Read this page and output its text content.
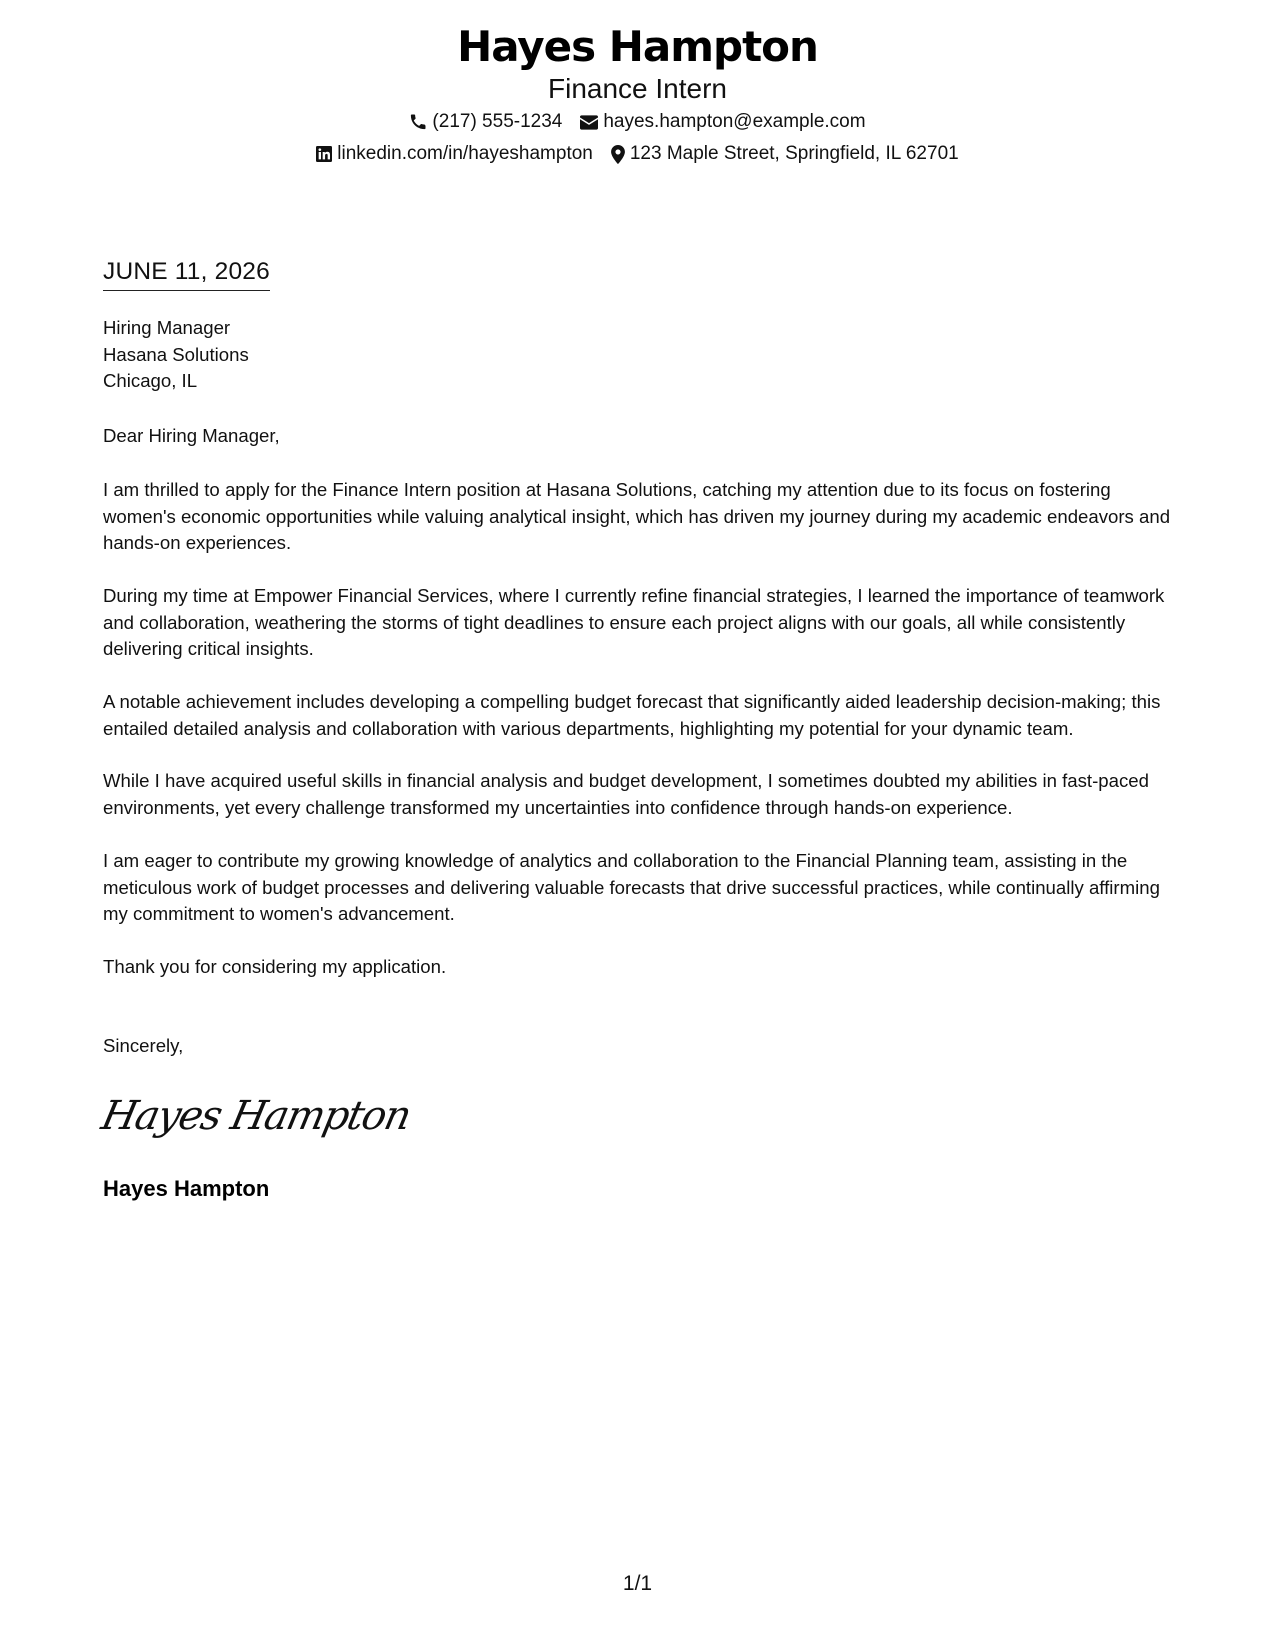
Hayes Hampton
Finance Intern
(217) 555-1234 hayes.hampton@example.com
linkedin.com/in/hayeshampton 123 Maple Street, Springfield, IL 62701
JUNE 11, 2026
Hiring Manager
Hasana Solutions
Chicago, IL
Dear Hiring Manager,
I am thrilled to apply for the Finance Intern position at Hasana Solutions, catching my attention due to its focus on fostering women's economic opportunities while valuing analytical insight, which has driven my journey during my academic endeavors and hands-on experiences.
During my time at Empower Financial Services, where I currently refine financial strategies, I learned the importance of teamwork and collaboration, weathering the storms of tight deadlines to ensure each project aligns with our goals, all while consistently delivering critical insights.
A notable achievement includes developing a compelling budget forecast that significantly aided leadership decision-making; this entailed detailed analysis and collaboration with various departments, highlighting my potential for your dynamic team.
While I have acquired useful skills in financial analysis and budget development, I sometimes doubted my abilities in fast-paced environments, yet every challenge transformed my uncertainties into confidence through hands-on experience.
I am eager to contribute my growing knowledge of analytics and collaboration to the Financial Planning team, assisting in the meticulous work of budget processes and delivering valuable forecasts that drive successful practices, while continually affirming my commitment to women's advancement.
Thank you for considering my application.
Sincerely,
Hayes Hampton
Hayes Hampton
1/1
